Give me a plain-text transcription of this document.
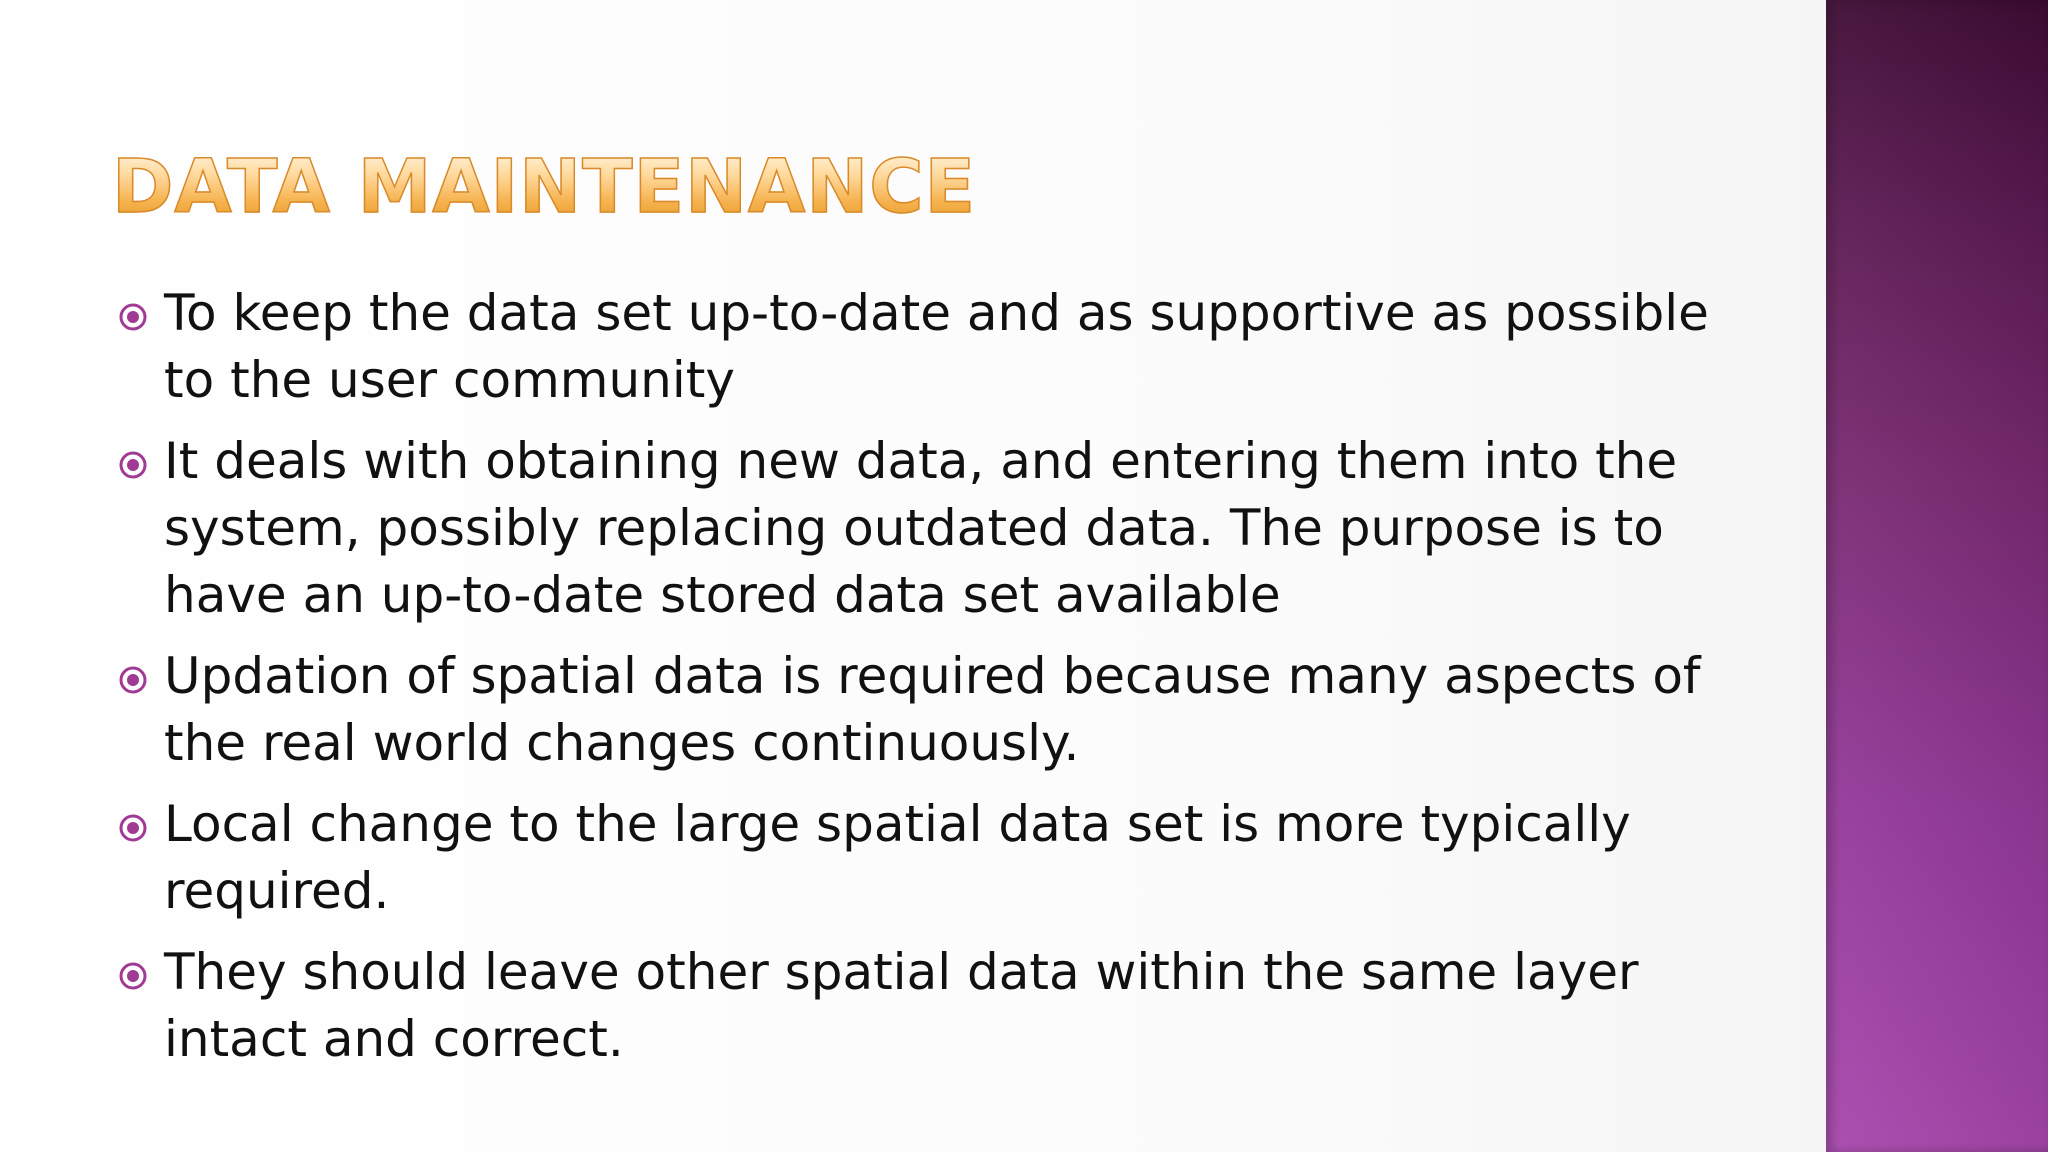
DATA MAINTENANCE
To keep the data set up-to-date and as supportive as possible to the user community
It deals with obtaining new data, and entering them into the system, possibly replacing outdated data. The purpose is to have an up-to-date stored data set available
Updation of spatial data is required because many aspects of the real world changes continuously.
Local change to the large spatial data set is more typically required.
They should leave other spatial data within the same layer intact and correct.
